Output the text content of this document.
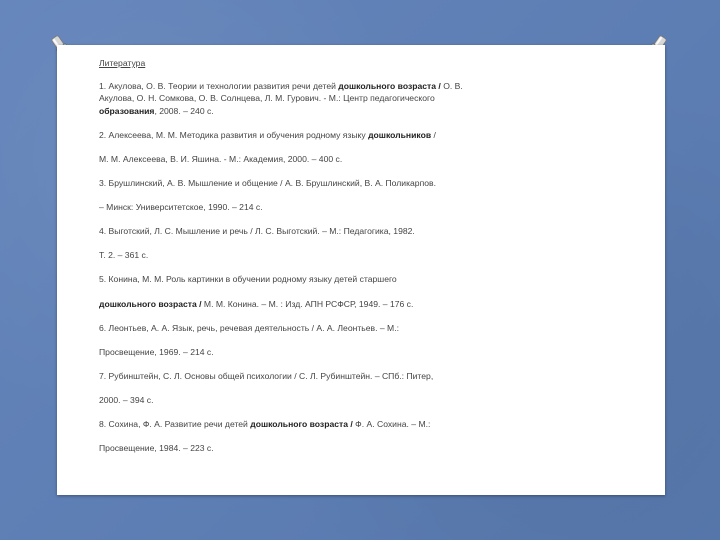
Литература

1. Акулова, О. В. Теории и технологии развития речи детей дошкольного возраста / О. В.
Акулова, О. Н. Сомкова, О. В. Солнцева, Л. М. Гурович. - М.: Центр педагогического
образования, 2008. – 240 с.

2. Алексеева, М. М. Методика развития и обучения родному языку дошкольников /

М. М. Алексеева, В. И. Яшина. - М.: Академия, 2000. – 400 с.

3. Брушлинский, А. В. Мышление и общение / А. В. Брушлинский, В. А. Поликарпов.

– Минск: Университетское, 1990. – 214 с.

4. Выготский, Л. С. Мышление и речь / Л. С. Выготский. – М.: Педагогика, 1982.

Т. 2. – 361 с.

5. Конина, М. М. Роль картинки в обучении родному языку детей старшего

дошкольного возраста / М. М. Конина. – М. : Изд. АПН РСФСР, 1949. – 176 с.

6. Леонтьев, А. А. Язык, речь, речевая деятельность / А. А. Леонтьев. – М.:

Просвещение, 1969. – 214 с.

7. Рубинштейн, С. Л. Основы общей психологии / С. Л. Рубинштейн. – СПб.: Питер,

2000. – 394 с.

8. Сохина, Ф. А. Развитие речи детей дошкольного возраста / Ф. А. Сохина. – М.:

Просвещение, 1984. – 223 с.
